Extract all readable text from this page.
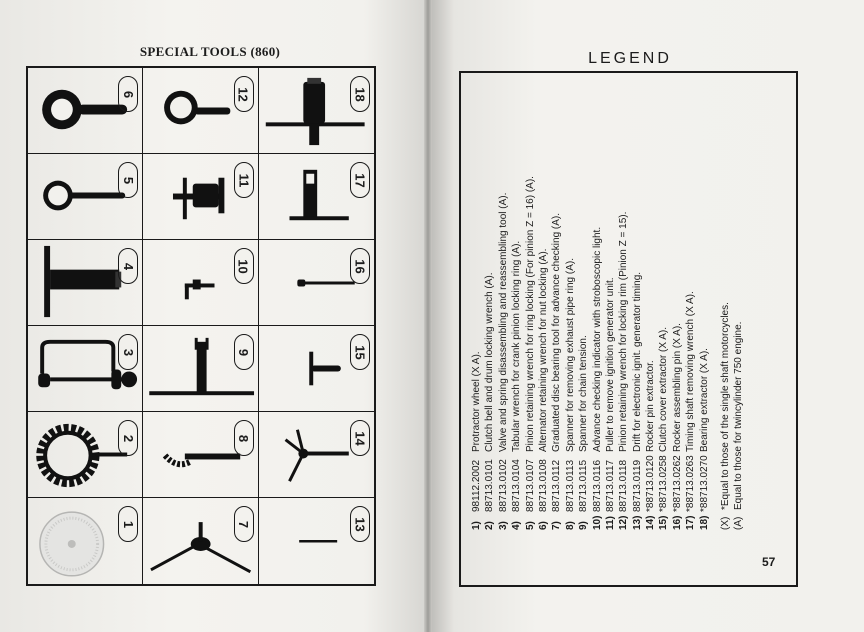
SPECIAL TOOLS (860)
6	12	18
5	11	17
4	10	16
3	9	15
2	8	14
1	7	13
LEGEND
1)
98112.2002
Protractor wheel (X A).
2)
88713.0101
Clutch bell and drum locking wrench (A).
3)
88713.0102
Valve and spring disassembling and reassembling tool (A).
4)
88713.0104
Tabular wrench for crank pinion locking ring (A).
5)
88713.0107
Pinion retaining wrench for ring locking (For pinion Z = 16) (A).
6)
88713.0108
Alternator retaining wrench for nut locking (A).
7)
88713.0112
Graduated disc bearing tool for advance checking (A).
8)
88713.0113
Spanner for removing exhaust pipe ring (A).
9)
88713.0115
Spanner for chain tension.
10)
88713.0116
Advance checking indicator with stroboscopic light.
11)
88713.0117
Puller to remove ignition generator unit.
12)
88713.0118
Pinion retaining wrench for locking rim (Pinion Z = 15).
13)
88713.0119
Drift for electronic ignit. generator timing.
14)
*88713.0120
Rocker pin extractor.
15)
*88713.0258
Clutch cover extractor (X A).
16)
*88713.0262
Rocker assembling pin (X A).
17)
*88713.0263
Timing shaft removing wrench (X A).
18)
*88713.0270
Bearing extractor (X A).
(X)*Equal to those of the single shaft motorcycles.
(A)Equal to those for twincylinder 750 engine.
57
